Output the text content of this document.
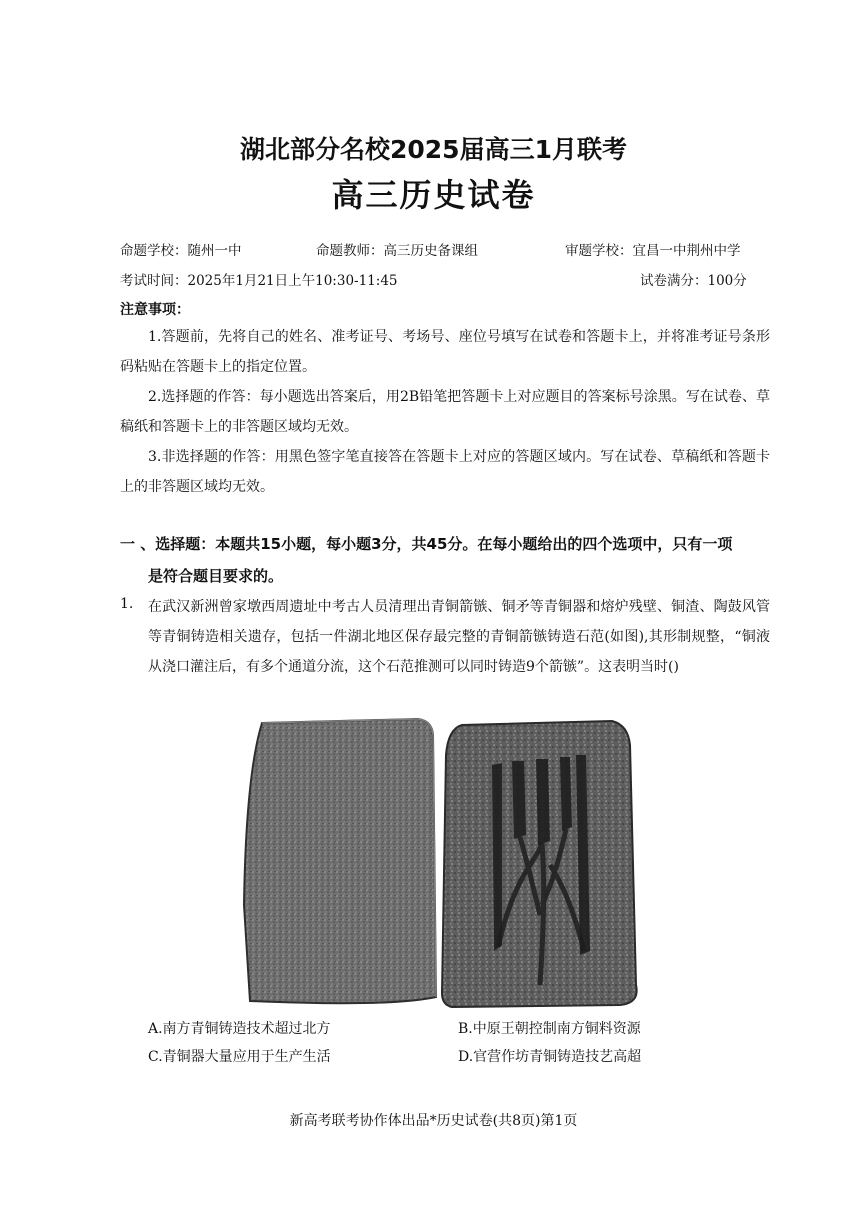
湖北部分名校2025届高三1月联考
高三历史试卷
命题学校：随州一中	命题教师：高三历史备课组	审题学校：宜昌一中荆州中学
考试时间：2025年1月21日上午10:30-11:45	试卷满分：100分
注意事项：
1.答题前，先将自己的姓名、准考证号、考场号、座位号填写在试卷和答题卡上，并将准考证号条形码粘贴在答题卡上的指定位置。
2.选择题的作答：每小题选出答案后，用2B铅笔把答题卡上对应题目的答案标号涂黑。写在试卷、草稿纸和答题卡上的非答题区域均无效。
3.非选择题的作答：用黑色签字笔直接答在答题卡上对应的答题区域内。写在试卷、草稿纸和答题卡上的非答题区域均无效。
一 、选择题：本题共15小题，每小题3分，共45分。在每小题给出的四个选项中，只有一项
是符合题目要求的。
1. 在武汉新洲曾家墩西周遗址中考古人员清理出青铜箭镞、铜矛等青铜器和熔炉残壁、铜渣、陶鼓风管等青铜铸造相关遗存，包括一件湖北地区保存最完整的青铜箭镞铸造石范(如图),其形制规整，“铜液从浇口灌注后，有多个通道分流，这个石范推测可以同时铸造9个箭镞”。这表明当时()
A.南方青铜铸造技术超过北方	B.中原王朝控制南方铜料资源
C.青铜器大量应用于生产生活	D.官营作坊青铜铸造技艺高超
新高考联考协作体出品*历史试卷(共8页)第1页
